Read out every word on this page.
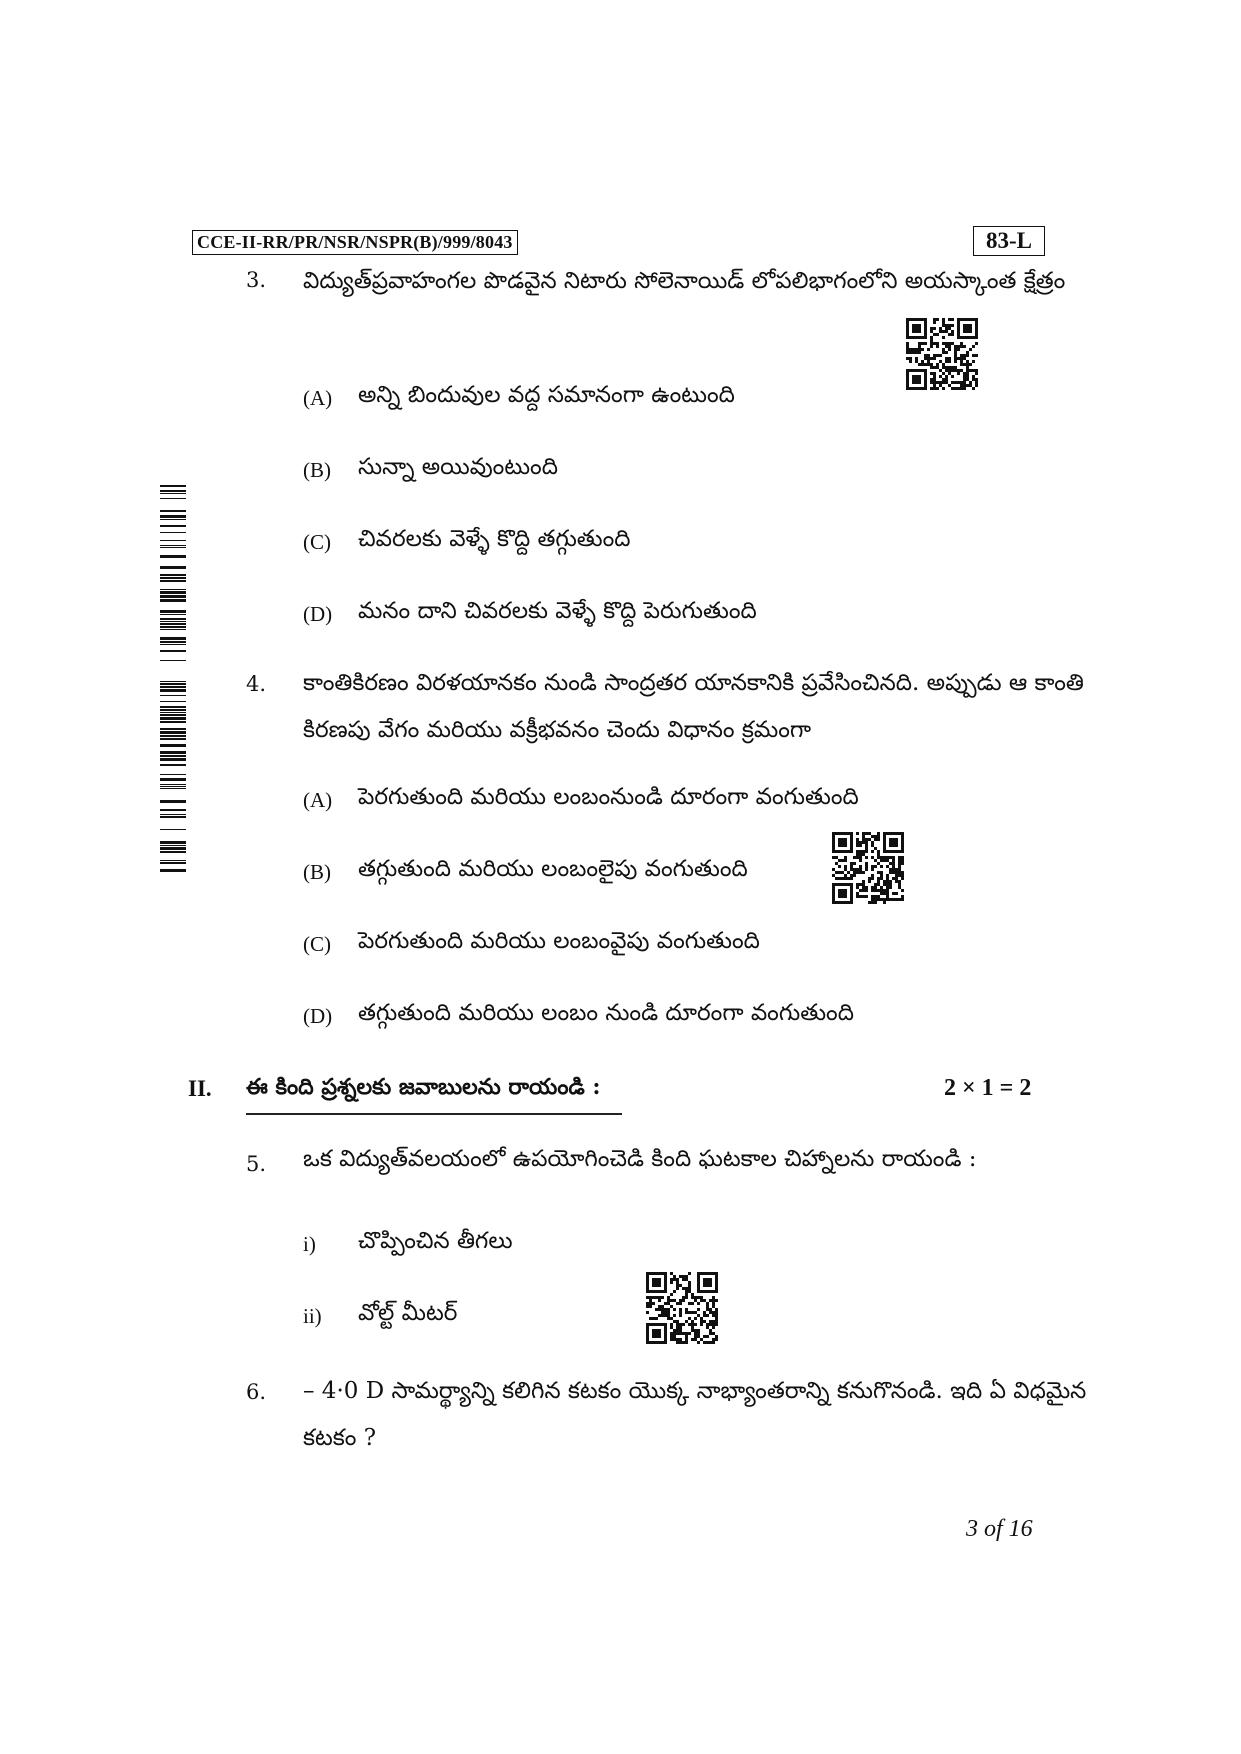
CCE-II-RR/PR/NSR/NSPR(B)/999/8043	83-L
3. విద్యుత్‌ప్రవాహంగల పొడవైన నిటారు సోలెనాయిడ్ లోపలిభాగంలోని అయస్కాంత క్షేత్రం
(A) అన్ని బిందువుల వద్ద సమానంగా ఉంటుంది
(B) సున్నా అయివుంటుంది
(C) చివరలకు వెళ్ళే కొద్ది తగ్గుతుంది
(D) మనం దాని చివరలకు వెళ్ళే కొద్ది పెరుగుతుంది
4. కాంతికిరణం విరళయానకం నుండి సాంద్రతర యానకానికి ప్రవేసించినది. అప్పుడు ఆ కాంతి కిరణపు వేగం మరియు వక్రీభవనం చెందు విధానం క్రమంగా
(A) పెరగుతుంది మరియు లంబంనుండి దూరంగా వంగుతుంది
(B) తగ్గుతుంది మరియు లంబంలైపు వంగుతుంది
(C) పెరగుతుంది మరియు లంబంవైపు వంగుతుంది
(D) తగ్గుతుంది మరియు లంబం నుండి దూరంగా వంగుతుంది
II. ఈ కింది ప్రశ్నలకు జవాబులను రాయండి :	2 × 1 = 2
5. ఒక విద్యుత్‌వలయంలో ఉపయోగించెడి కింది ఘటకాల చిహ్నాలను రాయండి :
i) చొప్పించిన తీగలు
ii) వోల్ట్ మీటర్
6. – 4·0 D సామర్థ్యాన్ని కలిగిన కటకం యొక్క నాభ్యాంతరాన్ని కనుగొనండి. ఇది ఏ విధమైన కటకం ?
3 of 16
